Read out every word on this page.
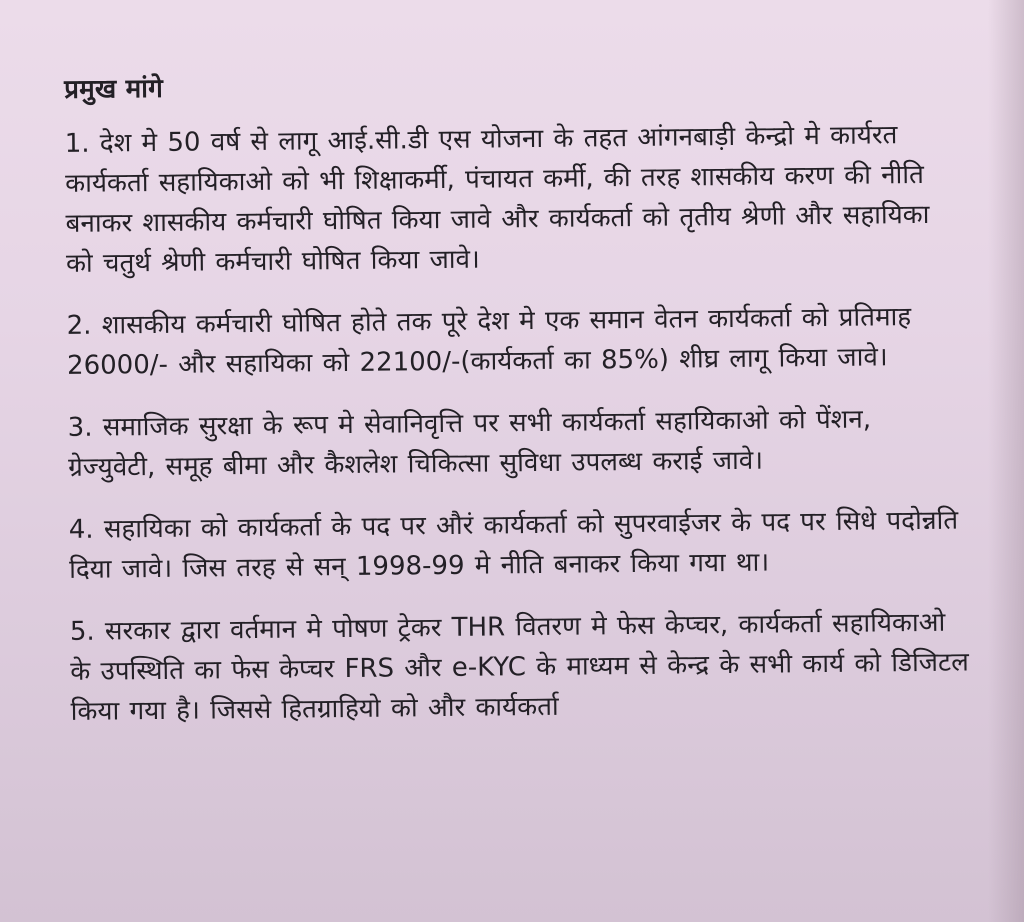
प्रमुख मांगे

1. देश मे 50 वर्ष से लागू आई.सी.डी एस योजना के तहत आंगनबाड़ी केन्द्रो मे कार्यरत कार्यकर्ता सहायिकाओ को भी शिक्षाकर्मी, पंचायत कर्मी, की तरह शासकीय करण की नीति बनाकर शासकीय कर्मचारी घोषित किया जावे और कार्यकर्ता को तृतीय श्रेणी और सहायिका को चतुर्थ श्रेणी कर्मचारी घोषित किया जावे।

2. शासकीय कर्मचारी घोषित होते तक पूरे देश मे एक समान वेतन कार्यकर्ता को प्रतिमाह 26000/- और सहायिका को 22100/-(कार्यकर्ता का 85%) शीघ्र लागू किया जावे।

3. समाजिक सुरक्षा के रूप मे सेवानिवृत्ति पर सभी कार्यकर्ता सहायिकाओ को पेंशन, ग्रेज्युवेटी, समूह बीमा और कैशलेश चिकित्सा सुविधा उपलब्ध कराई जावे।

4. सहायिका को कार्यकर्ता के पद पर औरं कार्यकर्ता को सुपरवाईजर के पद पर सिधे पदोन्नति दिया जावे। जिस तरह से सन् 1998-99 मे नीति बनाकर किया गया था।

5. सरकार द्वारा वर्तमान मे पोषण ट्रेकर THR वितरण मे फेस केप्चर, कार्यकर्ता सहायिकाओ के उपस्थिति का फेस केप्चर FRS और e-KYC के माध्यम से केन्द्र के सभी कार्य को डिजिटल किया गया है। जिससे हितग्राहियो को और कार्यकर्ता
